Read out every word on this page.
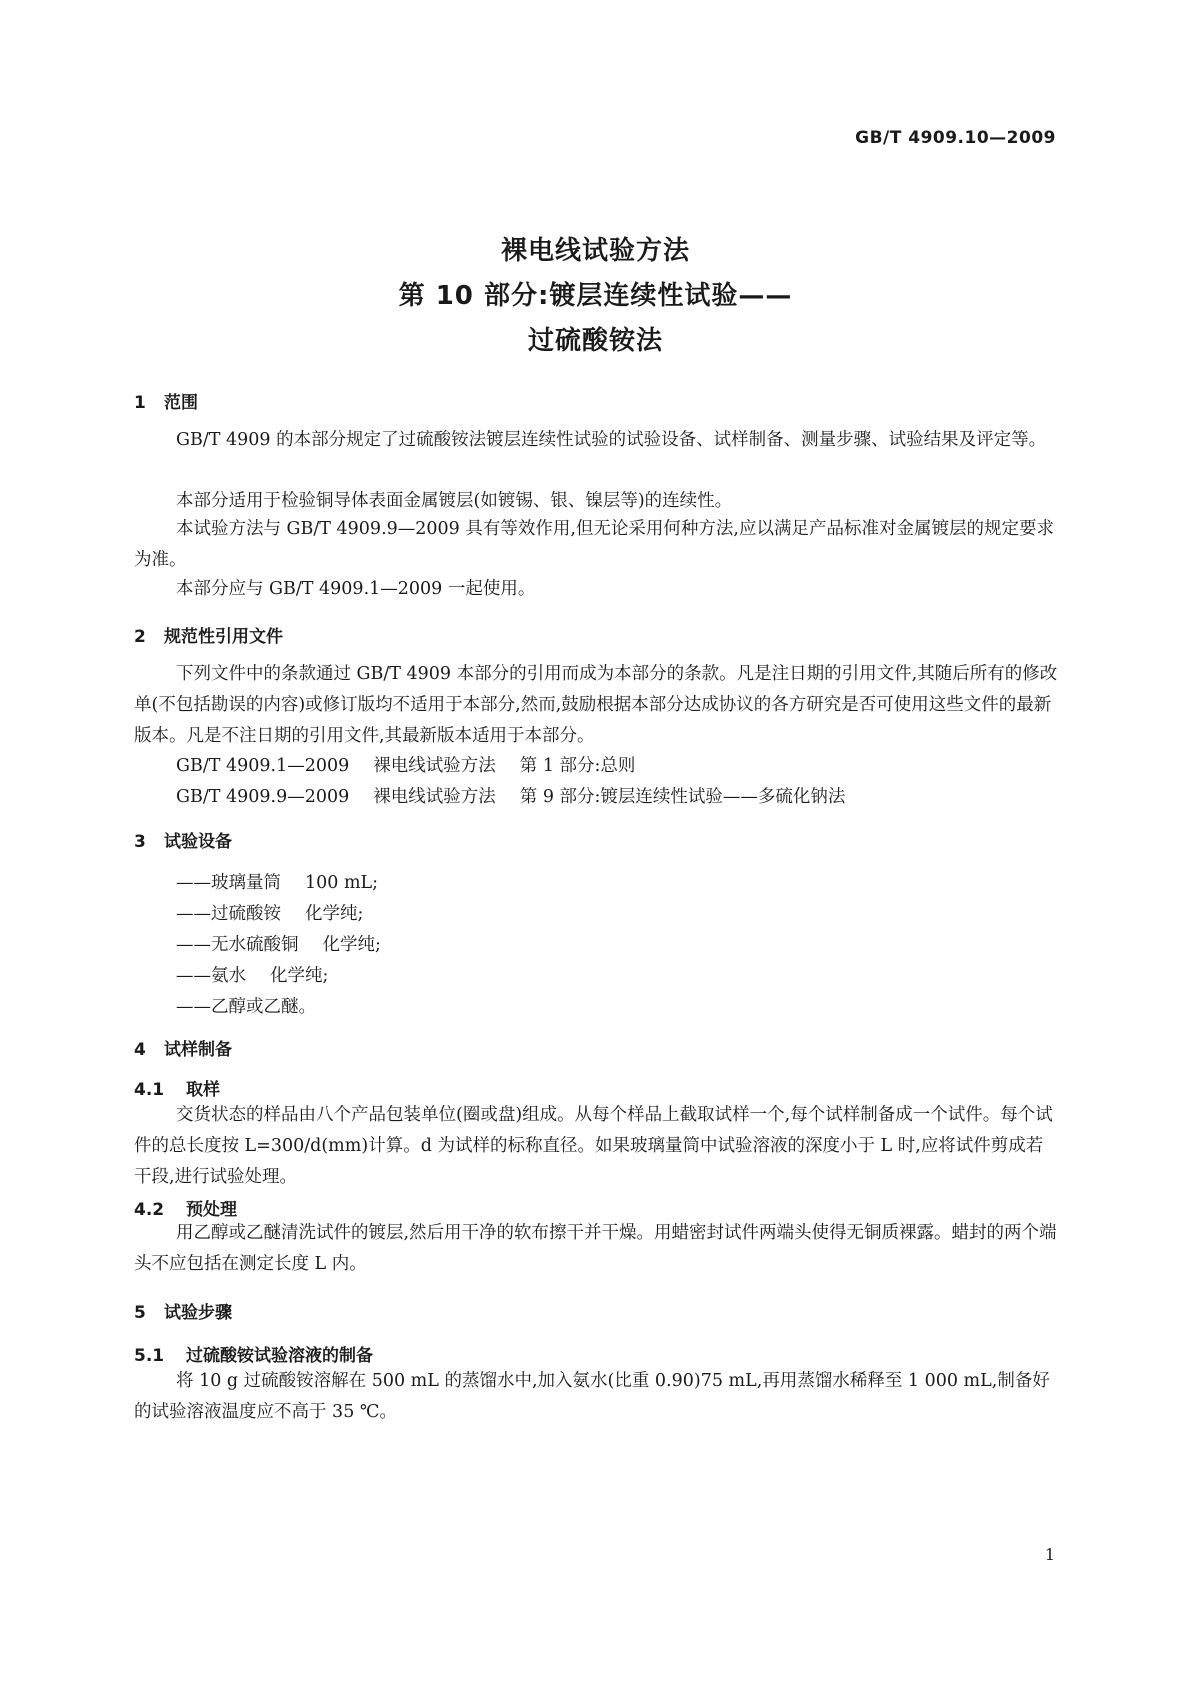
GB/T 4909.10—2009
裸电线试验方法
第 10 部分:镀层连续性试验——
过硫酸铵法
1 范围
GB/T 4909 的本部分规定了过硫酸铵法镀层连续性试验的试验设备、试样制备、测量步骤、试验结果及评定等。
本部分适用于检验铜导体表面金属镀层(如镀锡、银、镍层等)的连续性。
本试验方法与 GB/T 4909.9—2009 具有等效作用,但无论采用何种方法,应以满足产品标准对金属镀层的规定要求为准。
本部分应与 GB/T 4909.1—2009 一起使用。
2 规范性引用文件
下列文件中的条款通过 GB/T 4909 本部分的引用而成为本部分的条款。凡是注日期的引用文件,其随后所有的修改单(不包括勘误的内容)或修订版均不适用于本部分,然而,鼓励根据本部分达成协议的各方研究是否可使用这些文件的最新版本。凡是不注日期的引用文件,其最新版本适用于本部分。
GB/T 4909.1—2009 裸电线试验方法 第 1 部分:总则
GB/T 4909.9—2009 裸电线试验方法 第 9 部分:镀层连续性试验——多硫化钠法
3 试验设备
——玻璃量筒 100 mL;
——过硫酸铵 化学纯;
——无水硫酸铜 化学纯;
——氨水 化学纯;
——乙醇或乙醚。
4 试样制备
4.1 取样
交货状态的样品由八个产品包装单位(圈或盘)组成。从每个样品上截取试样一个,每个试样制备成一个试件。每个试件的总长度按 L=300/d(mm)计算。d 为试样的标称直径。如果玻璃量筒中试验溶液的深度小于 L 时,应将试件剪成若干段,进行试验处理。
4.2 预处理
用乙醇或乙醚清洗试件的镀层,然后用干净的软布擦干并干燥。用蜡密封试件两端头使得无铜质裸露。蜡封的两个端头不应包括在测定长度 L 内。
5 试验步骤
5.1 过硫酸铵试验溶液的制备
将 10 g 过硫酸铵溶解在 500 mL 的蒸馏水中,加入氨水(比重 0.90)75 mL,再用蒸馏水稀释至 1 000 mL,制备好的试验溶液温度应不高于 35 ℃。
1
